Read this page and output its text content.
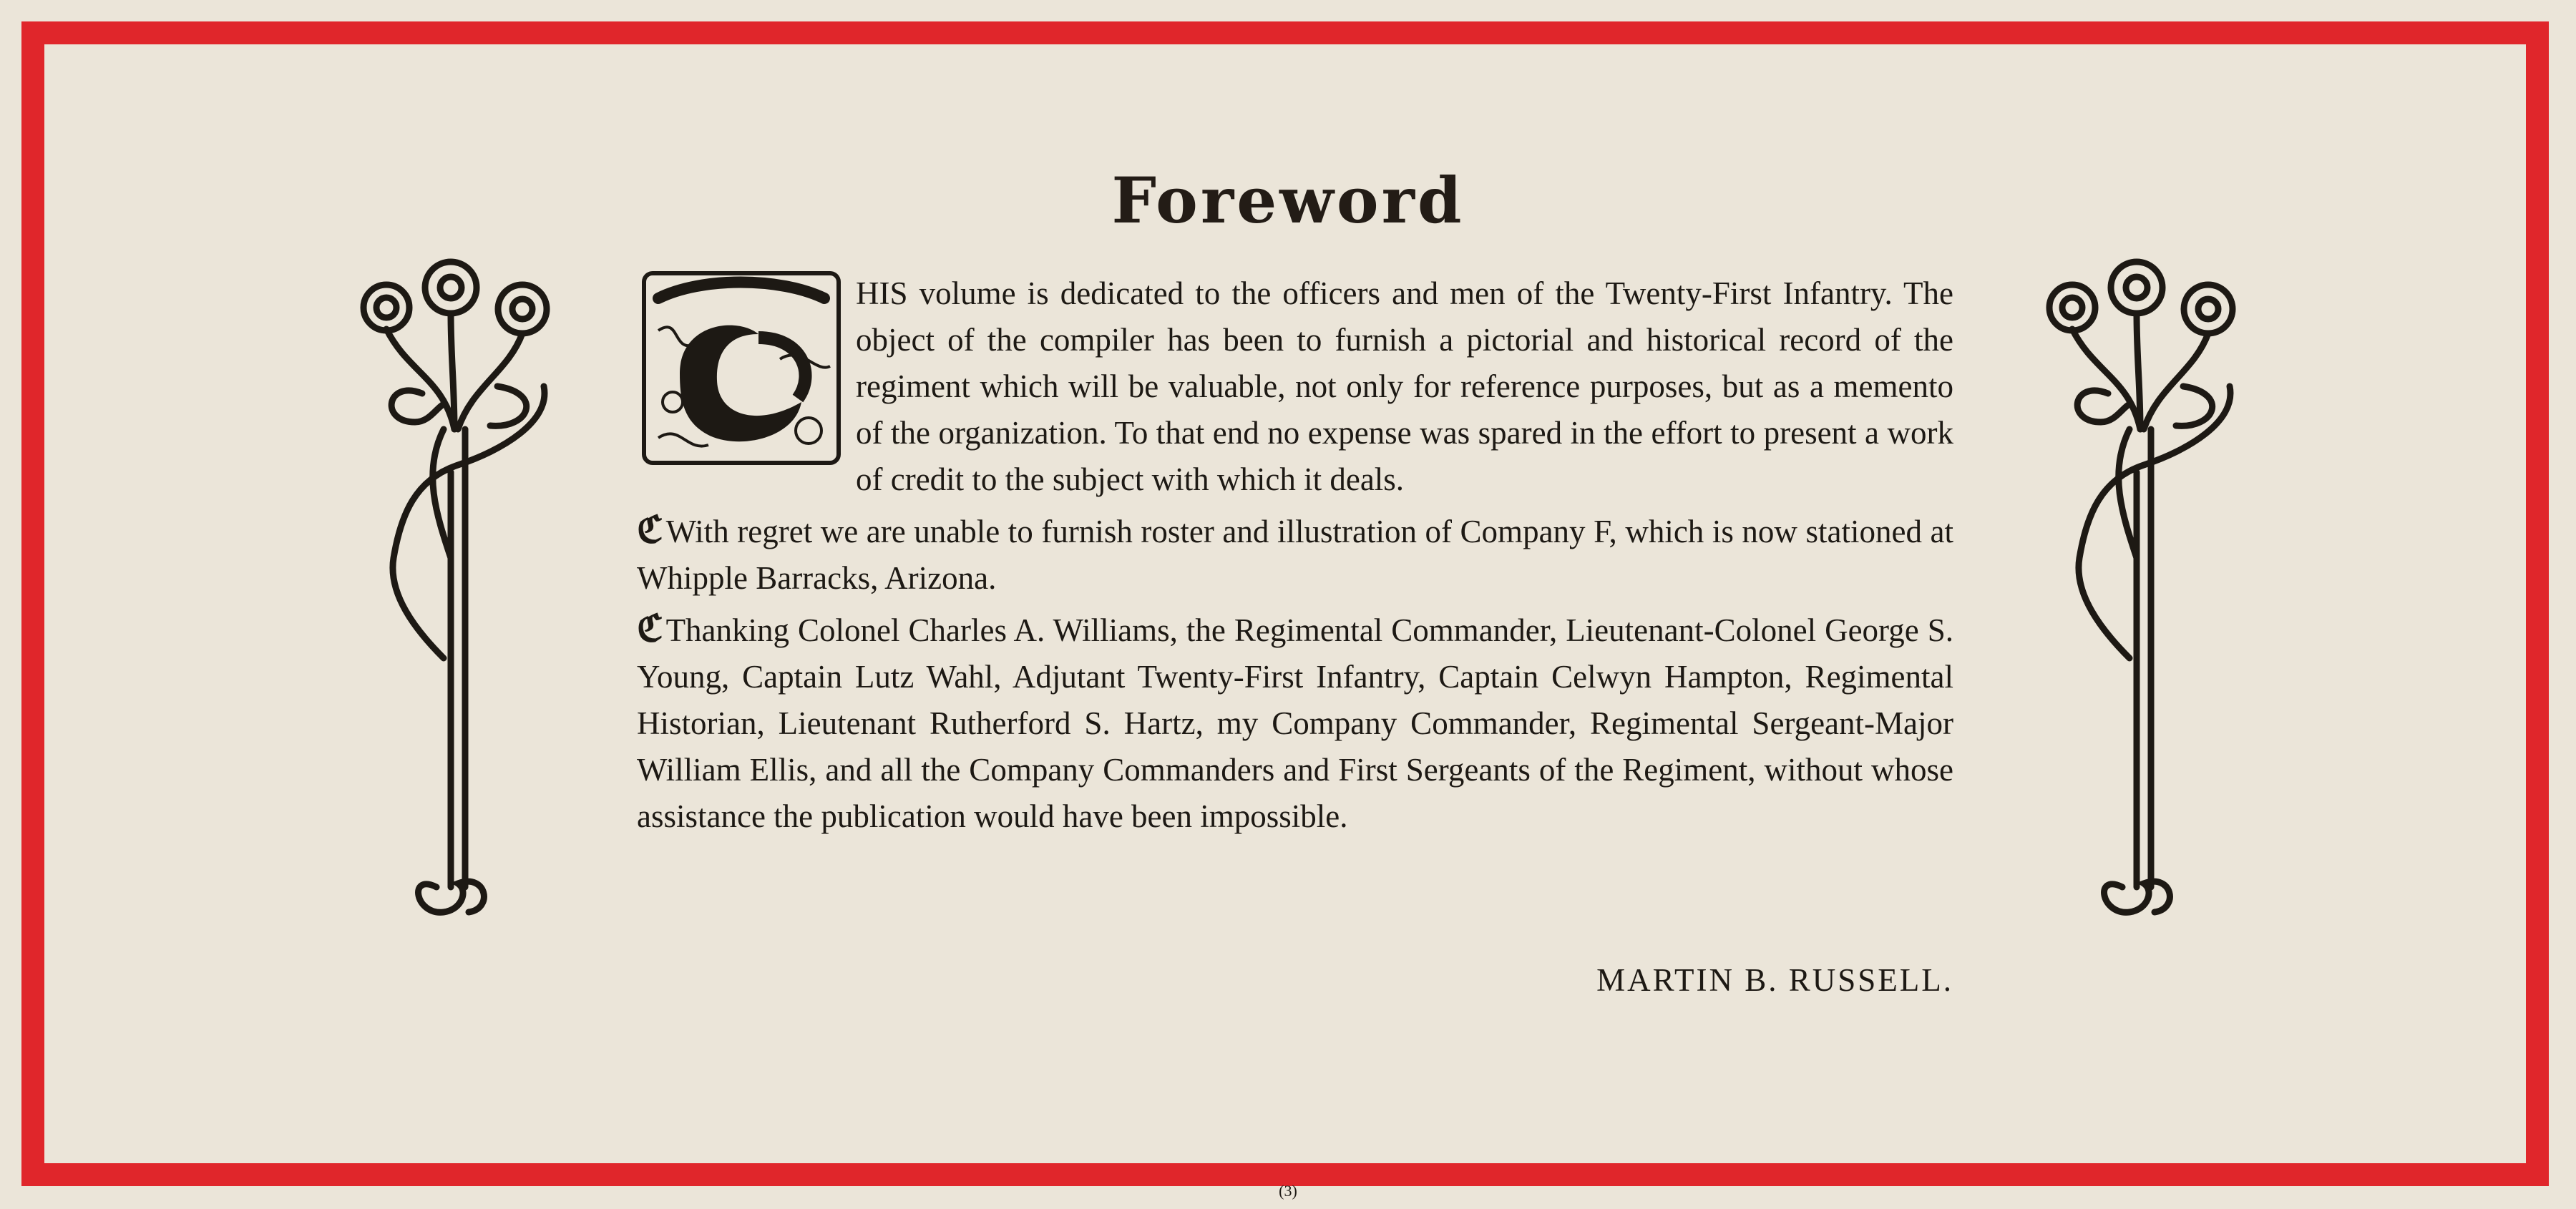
Foreword

HIS volume is dedicated to the officers and men of the Twenty-First Infantry. The object of the compiler has been to furnish a pictorial and historical record of the regiment which will be valuable, not only for reference purposes, but as a memento of the organization. To that end no expense was spared in the effort to present a work of credit to the subject with which it deals.

ℭWith regret we are unable to furnish roster and illustration of Company F, which is now stationed at Whipple Barracks, Arizona.

ℭThanking Colonel Charles A. Williams, the Regimental Commander, Lieutenant-Colonel George S. Young, Captain Lutz Wahl, Adjutant Twenty-First Infantry, Captain Celwyn Hampton, Regimental Historian, Lieutenant Rutherford S. Hartz, my Company Commander, Regimental Sergeant-Major William Ellis, and all the Company Commanders and First Sergeants of the Regiment, without whose assistance the publication would have been impossible.

MARTIN B. RUSSELL.
(3)
